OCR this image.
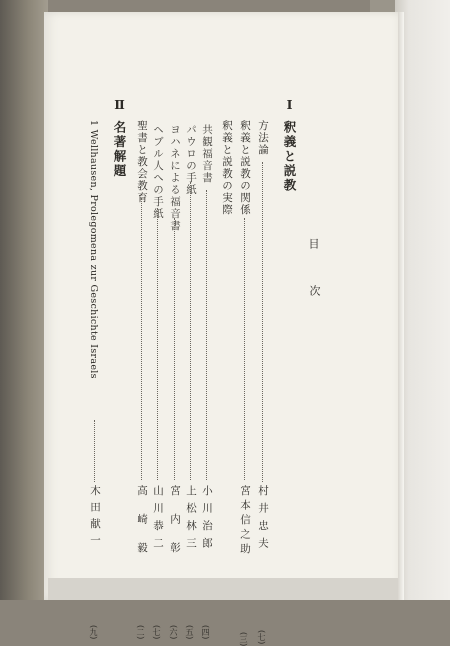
目
次
Ⅰ 釈義と説教
Ⅱ 名著解題	方法論
村井忠夫
(七)
釈義と説教の関係
宮本信之助
(三)
釈義と説教の実際
共観福音書
小川治郎
(四)
パウロの手紙
上松林三
(五)
ヨハネによる福音書
宮内彰
(六)
ヘブル人への手紙
山川恭二
(七)
聖書と教会教育
高崎毅
(二)
1 Wellhausen, Prolegomena zur Geschichte Israels
木田献一
(九)
